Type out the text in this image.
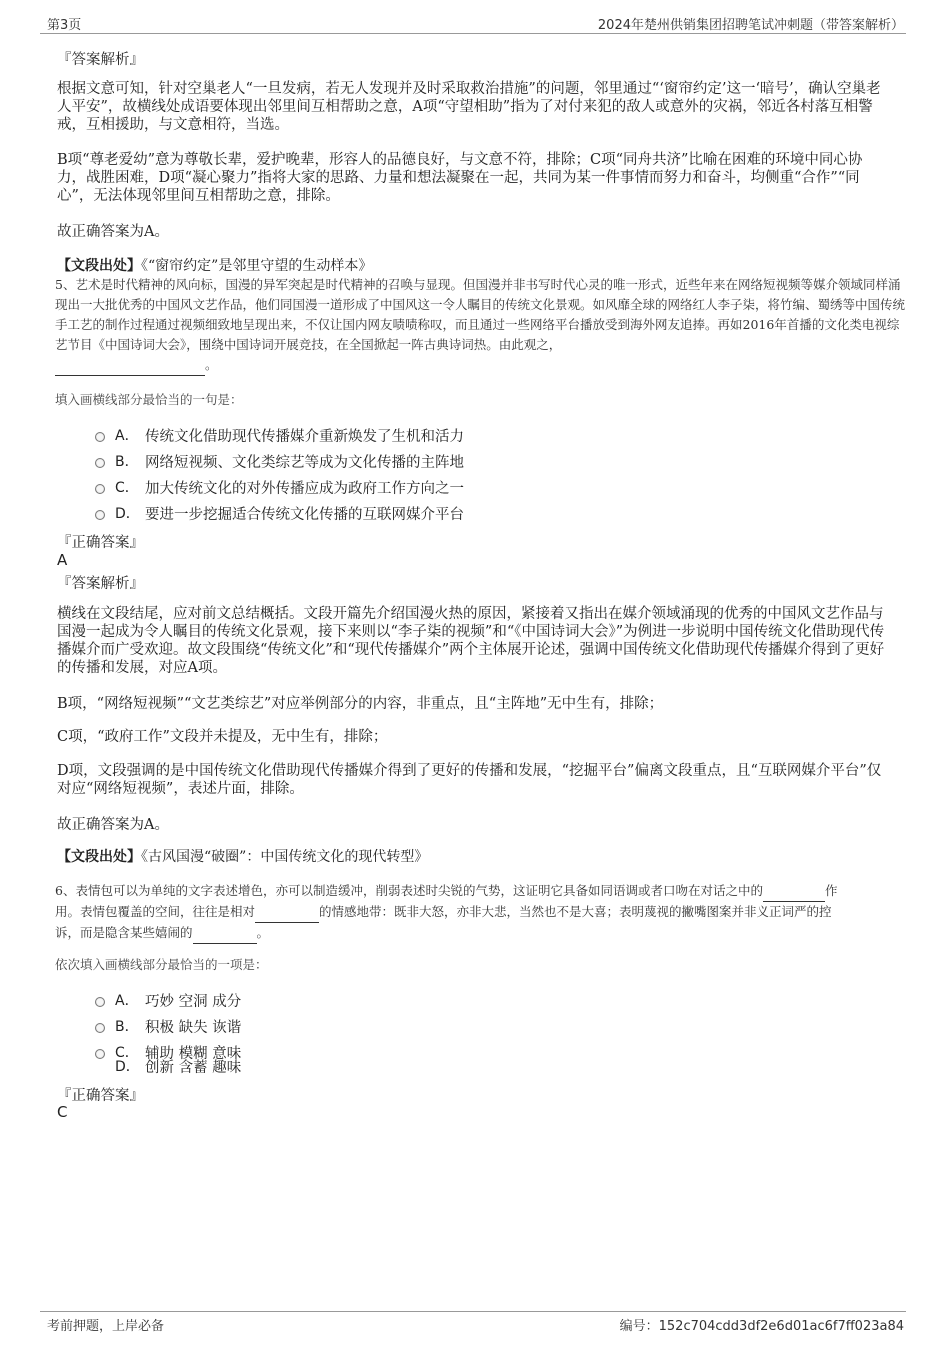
第3页	2024年楚州供销集团招聘笔试冲刺题（带答案解析）
『答案解析』
根据文意可知，针对空巢老人“一旦发病，若无人发现并及时采取救治措施”的问题，邻里通过“‘窗帘约定’这一‘暗号’，确认空巢老人平安”，故横线处成语要体现出邻里间互相帮助之意，A项“守望相助”指为了对付来犯的敌人或意外的灾祸，邻近各村落互相警戒，互相援助，与文意相符，当选。
B项“尊老爱幼”意为尊敬长辈，爱护晚辈，形容人的品德良好，与文意不符，排除；C项“同舟共济”比喻在困难的环境中同心协力，战胜困难，D项“凝心聚力”指将大家的思路、力量和想法凝聚在一起，共同为某一件事情而努力和奋斗，均侧重“合作”“同心”，无法体现邻里间互相帮助之意，排除。
故正确答案为A。
【文段出处】《“窗帘约定”是邻里守望的生动样本》
5、艺术是时代精神的风向标，国漫的异军突起是时代精神的召唤与显现。但国漫并非书写时代心灵的唯一形式，近些年来在网络短视频等媒介领域同样涌现出一大批优秀的中国风文艺作品，他们同国漫一道形成了中国风这一令人瞩目的传统文化景观。如风靡全球的网络红人李子柒，将竹编、蜀绣等中国传统手工艺的制作过程通过视频细致地呈现出来，不仅让国内网友啧啧称叹，而且通过一些网络平台播放受到海外网友追捧。再如2016年首播的文化类电视综艺节目《中国诗词大会》，围绕中国诗词开展竞技，在全国掀起一阵古典诗词热。由此观之，
。
填入画横线部分最恰当的一句是：
A． 传统文化借助现代传播媒介重新焕发了生机和活力
B． 网络短视频、文化类综艺等成为文化传播的主阵地
C． 加大传统文化的对外传播应成为政府工作方向之一
D． 要进一步挖掘适合传统文化传播的互联网媒介平台
『正确答案』
A
『答案解析』
横线在文段结尾，应对前文总结概括。文段开篇先介绍国漫火热的原因，紧接着又指出在媒介领域涌现的优秀的中国风文艺作品与国漫一起成为令人瞩目的传统文化景观，接下来则以“李子柒的视频”和“《中国诗词大会》”为例进一步说明中国传统文化借助现代传播媒介而广受欢迎。故文段围绕“传统文化”和“现代传播媒介”两个主体展开论述，强调中国传统文化借助现代传播媒介得到了更好的传播和发展，对应A项。
B项，“网络短视频”“文艺类综艺”对应举例部分的内容，非重点，且“主阵地”无中生有，排除；
C项，“政府工作”文段并未提及，无中生有，排除；
D项，文段强调的是中国传统文化借助现代传播媒介得到了更好的传播和发展，“挖掘平台”偏离文段重点，且“互联网媒介平台”仅对应“网络短视频”，表述片面，排除。
故正确答案为A。
【文段出处】《古风国漫“破圈”：中国传统文化的现代转型》
6、表情包可以为单纯的文字表述增色，亦可以制造缓冲，削弱表述时尖锐的气势，这证明它具备如同语调或者口吻在对话之中的	作
用。表情包覆盖的空间，往往是相对	的情感地带：既非大怒，亦非大悲，当然也不是大喜；表明蔑视的撇嘴图案并非义正词严的控
诉，而是隐含某些嬉闹的	。
依次填入画横线部分最恰当的一项是：
A． 巧妙 空洞 成分
B． 积极 缺失 诙谐
C． 辅助 模糊 意味
D． 创新 含蓄 趣味
『正确答案』
C
考前押题，上岸必备	编号：152c704cdd3df2e6d01ac6f7ff023a84
